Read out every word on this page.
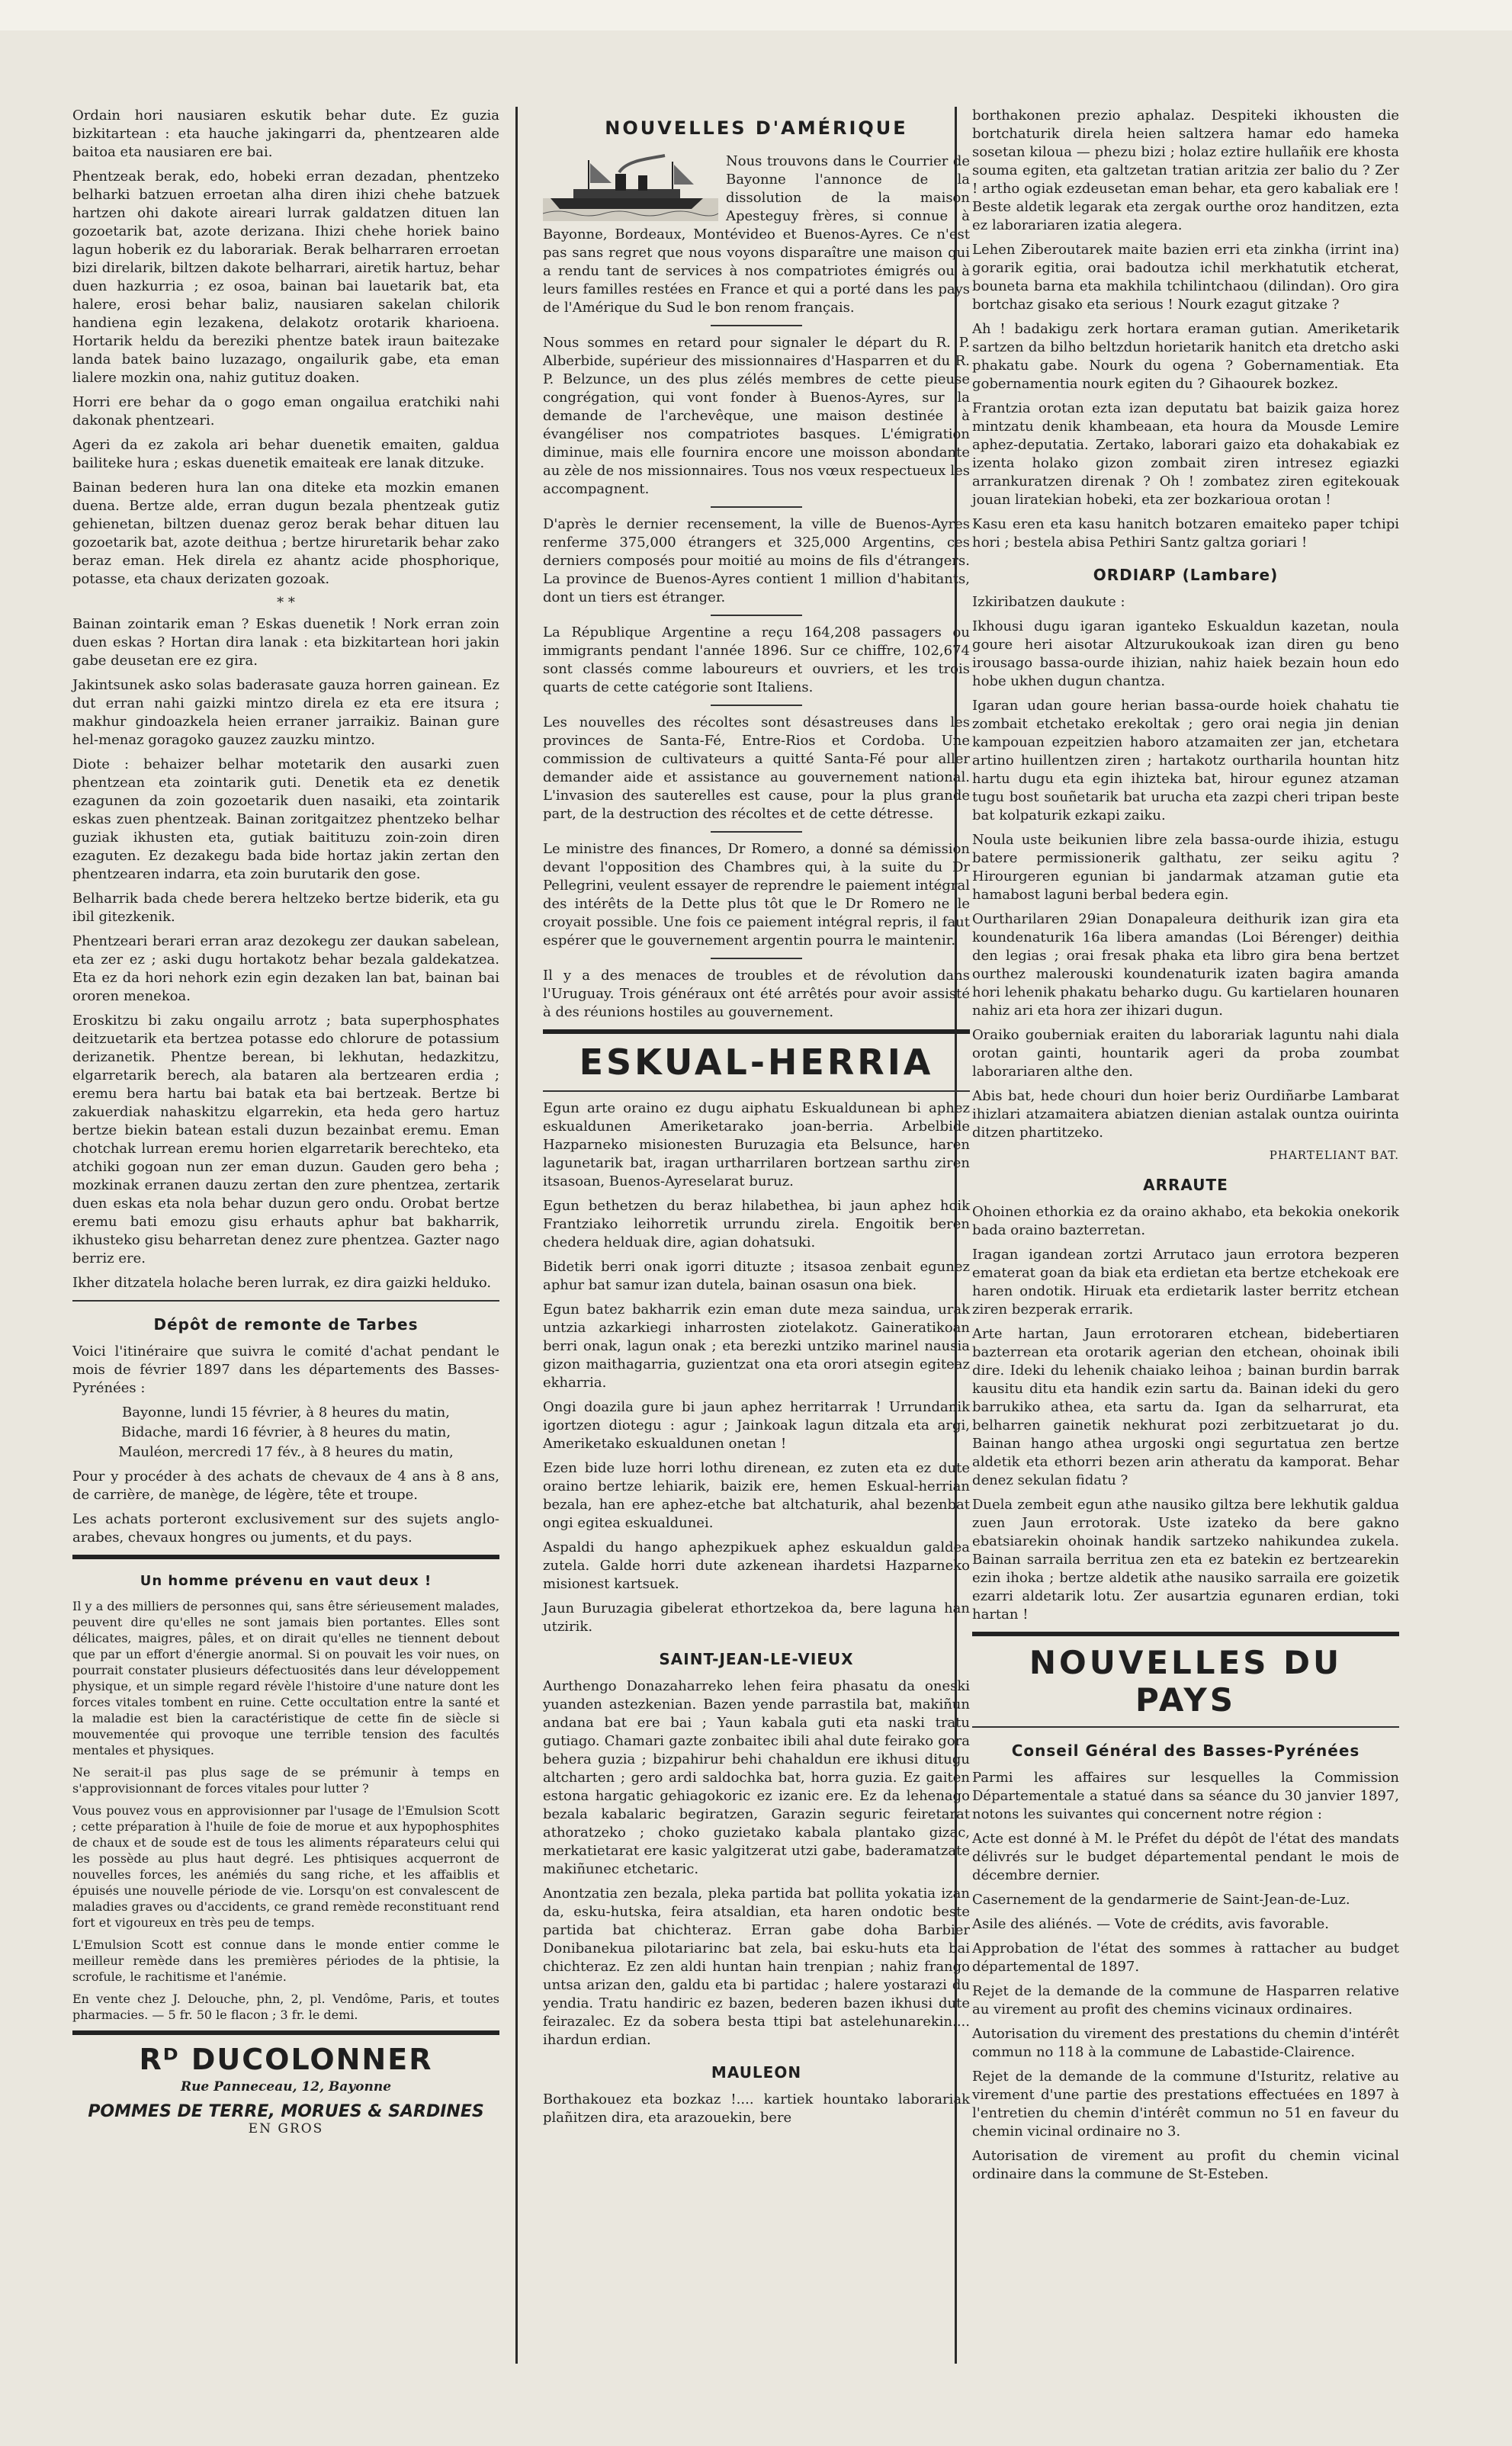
Ordain hori nausiaren eskutik behar dute. Ez guzia bizkitartean : eta hauche jakingarri da, phentzearen alde baitoa eta nausiaren ere bai.

Phentzeak berak, edo, hobeki erran dezadan, phentzeko belharki batzuen erroetan alha diren ihizi chehe batzuek hartzen ohi dakote aireari lurrak galdatzen dituen lan gozoetarik bat, azote derizana. Ihizi chehe horiek baino lagun hoberik ez du laborariak. Berak belharraren erroetan bizi direlarik, biltzen dakote belharrari, airetik hartuz, behar duen hazkurria ; ez osoa, bainan bai lauetarik bat, eta halere, erosi behar baliz, nausiaren sakelan chilorik handiena egin lezakena, delakotz orotarik kharioena. Hortarik heldu da bereziki phentze batek iraun baitezake landa batek baino luzazago, ongailurik gabe, eta eman lialere mozkin ona, nahiz gutituz doaken.

Horri ere behar da o gogo eman ongailua eratchiki nahi dakonak phentzeari.

Ageri da ez zakola ari behar duenetik emaiten, galdua bailiteke hura ; eskas duenetik emaiteak ere lanak ditzuke.

Bainan bederen hura lan ona diteke eta mozkin emanen duena. Bertze alde, erran dugun bezala phentzeak gutiz gehienetan, biltzen duenaz geroz berak behar dituen lau gozoetarik bat, azote deithua ; bertze hiruretarik behar zako beraz eman. Hek direla ez ahantz acide phosphorique, potasse, eta chaux derizaten gozoak.

* *

Bainan zointarik eman ? Eskas duenetik ! Nork erran zoin duen eskas ? Hortan dira lanak : eta bizkitartean hori jakin gabe deusetan ere ez gira.

Jakintsunek asko solas baderasate gauza horren gainean. Ez dut erran nahi gaizki mintzo direla ez eta ere itsura ; makhur gindoazkela heien erraner jarraikiz. Bainan gure hel-menaz goragoko gauzez zauzku mintzo.

Diote : behaizer belhar motetarik den ausarki zuen phentzean eta zointarik guti. Denetik eta ez denetik ezagunen da zoin gozoetarik duen nasaiki, eta zointarik eskas zuen phentzeak. Bainan zoritgaitzez phentzeko belhar guziak ikhusten eta, gutiak baitituzu zoin-zoin diren ezaguten. Ez dezakegu bada bide hortaz jakin zertan den phentzearen indarra, eta zoin burutarik den gose.

Belharrik bada chede berera heltzeko bertze biderik, eta gu ibil gitezkenik.

Phentzeari berari erran araz dezokegu zer daukan sabelean, eta zer ez ; aski dugu hortakotz behar bezala galdekatzea. Eta ez da hori nehork ezin egin dezaken lan bat, bainan bai ororen menekoa.

Eroskitzu bi zaku ongailu arrotz ; bata superphosphates deitzuetarik eta bertzea potasse edo chlorure de potassium derizanetik. Phentze berean, bi lekhutan, hedazkitzu, elgarretarik berech, ala bataren ala bertzearen erdia ; eremu bera hartu bai batak eta bai bertzeak. Bertze bi zakuerdiak nahaskitzu elgarrekin, eta heda gero hartuz bertze biekin batean estali duzun bezainbat eremu. Eman chotchak lurrean eremu horien elgarretarik berechteko, eta atchiki gogoan nun zer eman duzun. Gauden gero beha ; mozkinak erranen dauzu zertan den zure phentzea, zertarik duen eskas eta nola behar duzun gero ondu. Orobat bertze eremu bati emozu gisu erhauts aphur bat bakharrik, ikhusteko gisu beharretan denez zure phentzea. Gazter nago berriz ere.

Ikher ditzatela holache beren lurrak, ez dira gaizki helduko.

Dépôt de remonte de Tarbes

Voici l'itinéraire que suivra le comité d'achat pendant le mois de février 1897 dans les départements des Basses-Pyrénées :

Bayonne, lundi 15 février, à 8 heures du matin,

Bidache, mardi 16 février, à 8 heures du matin,

Mauléon, mercredi 17 fév., à 8 heures du matin,

Pour y procéder à des achats de chevaux de 4 ans à 8 ans, de carrière, de manège, de légère, tête et troupe.

Les achats porteront exclusivement sur des sujets anglo-arabes, chevaux hongres ou juments, et du pays.

Un homme prévenu en vaut deux !

Il y a des milliers de personnes qui, sans être sérieusement malades, peuvent dire qu'elles ne sont jamais bien portantes. Elles sont délicates, maigres, pâles, et on dirait qu'elles ne tiennent debout que par un effort d'énergie anormal. Si on pouvait les voir nues, on pourrait constater plusieurs défectuosités dans leur développement physique, et un simple regard révèle l'histoire d'une nature dont les forces vitales tombent en ruine. Cette occultation entre la santé et la maladie est bien la caractéristique de cette fin de siècle si mouvementée qui provoque une terrible tension des facultés mentales et physiques.

Ne serait-il pas plus sage de se prémunir à temps en s'approvisionnant de forces vitales pour lutter ?

Vous pouvez vous en approvisionner par l'usage de l'Emulsion Scott ; cette préparation à l'huile de foie de morue et aux hypophosphites de chaux et de soude est de tous les aliments réparateurs celui qui les possède au plus haut degré. Les phtisiques acquerront de nouvelles forces, les anémiés du sang riche, et les affaiblis et épuisés une nouvelle période de vie. Lorsqu'on est convalescent de maladies graves ou d'accidents, ce grand remède reconstituant rend fort et vigoureux en très peu de temps.

L'Emulsion Scott est connue dans le monde entier comme le meilleur remède dans les premières périodes de la phtisie, la scrofule, le rachitisme et l'anémie.

En vente chez J. Delouche, phn, 2, pl. Vendôme, Paris, et toutes pharmacies. — 5 fr. 50 le flacon ; 3 fr. le demi.

Rᴰ DUCOLONNER
Rue Panneceau, 12, Bayonne
POMMES DE TERRE, MORUES & SARDINES
EN GROS
NOUVELLES D'AMÉRIQUE

Nous trouvons dans le Courrier de Bayonne l'annonce de la dissolution de la maison Apesteguy frères, si connue à Bayonne, Bordeaux, Montévideo et Buenos-Ayres. Ce n'est pas sans regret que nous voyons disparaître une maison qui a rendu tant de services à nos compatriotes émigrés ou à leurs familles restées en France et qui a porté dans les pays de l'Amérique du Sud le bon renom français.

Nous sommes en retard pour signaler le départ du R. P. Alberbide, supérieur des missionnaires d'Hasparren et du R. P. Belzunce, un des plus zélés membres de cette pieuse congrégation, qui vont fonder à Buenos-Ayres, sur la demande de l'archevêque, une maison destinée à évangéliser nos compatriotes basques. L'émigration diminue, mais elle fournira encore une moisson abondante au zèle de nos missionnaires. Tous nos vœux respectueux les accompagnent.

D'après le dernier recensement, la ville de Buenos-Ayres renferme 375,000 étrangers et 325,000 Argentins, ces derniers composés pour moitié au moins de fils d'étrangers. La province de Buenos-Ayres contient 1 million d'habitants, dont un tiers est étranger.

La République Argentine a reçu 164,208 passagers ou immigrants pendant l'année 1896. Sur ce chiffre, 102,674 sont classés comme laboureurs et ouvriers, et les trois quarts de cette catégorie sont Italiens.

Les nouvelles des récoltes sont désastreuses dans les provinces de Santa-Fé, Entre-Rios et Cordoba. Une commission de cultivateurs a quitté Santa-Fé pour aller demander aide et assistance au gouvernement national. L'invasion des sauterelles est cause, pour la plus grande part, de la destruction des récoltes et de cette détresse.

Le ministre des finances, Dr Romero, a donné sa démission devant l'opposition des Chambres qui, à la suite du Dr Pellegrini, veulent essayer de reprendre le paiement intégral des intérêts de la Dette plus tôt que le Dr Romero ne le croyait possible. Une fois ce paiement intégral repris, il faut espérer que le gouvernement argentin pourra le maintenir.

Il y a des menaces de troubles et de révolution dans l'Uruguay. Trois généraux ont été arrêtés pour avoir assisté à des réunions hostiles au gouvernement.

ESKUAL-HERRIA

Egun arte oraino ez dugu aiphatu Eskualdunean bi aphez eskualdunen Ameriketarako joan-berria. Arbelbide Hazparneko misionesten Buruzagia eta Belsunce, haren lagunetarik bat, iragan urtharrilaren bortzean sarthu ziren itsasoan, Buenos-Ayreselarat buruz.

Egun bethetzen du beraz hilabethea, bi jaun aphez hoik Frantziako leihorretik urrundu zirela. Engoitik beren chedera helduak dire, agian dohatsuki.

Bidetik berri onak igorri dituzte ; itsasoa zenbait egunez aphur bat samur izan dutela, bainan osasun ona biek.

Egun batez bakharrik ezin eman dute meza saindua, urak untzia azkarkiegi inharrosten ziotelakotz. Gaineratikoan berri onak, lagun onak ; eta berezki untziko marinel nausia gizon maithagarria, guzientzat ona eta orori atsegin egiteaz ekharria.

Ongi doazila gure bi jaun aphez herritarrak ! Urrundanik igortzen diotegu : agur ; Jainkoak lagun ditzala eta argi, Ameriketako eskualdunen onetan !

Ezen bide luze horri lothu direnean, ez zuten eta ez dute oraino bertze lehiarik, baizik ere, hemen Eskual-herrian bezala, han ere aphez-etche bat altchaturik, ahal bezenbat ongi egitea eskualdunei.

Aspaldi du hango aphezpikuek aphez eskualdun galdea zutela. Galde horri dute azkenean ihardetsi Hazparneko misionest kartsuek.

Jaun Buruzagia gibelerat ethortzekoa da, bere laguna han utzirik.

SAINT-JEAN-LE-VIEUX

Aurthengo Donazaharreko lehen feira phasatu da oneski yuanden astezkenian. Bazen yende parrastila bat, makiñun andana bat ere bai ; Yaun kabala guti eta naski tratu gutiago. Chamari gazte zonbaitec ibili ahal dute feirako gora behera guzia ; bizpahirur behi chahaldun ere ikhusi ditugu altcharten ; gero ardi saldochka bat, horra guzia. Ez gaiten estona hargatic gehiagokoric ez izanic ere. Ez da lehenago bezala kabalaric begiratzen, Garazin seguric feiretarat athoratzeko ; choko guzietako kabala plantako gizac, merkatietarat ere kasic yalgitzerat utzi gabe, baderamatzate makiñunec etchetaric.

Anontzatia zen bezala, pleka partida bat pollita yokatia izan da, esku-hutska, feira atsaldian, eta haren ondotic beste partida bat chichteraz. Erran gabe doha Barbier Donibanekua pilotariarinc bat zela, bai esku-huts eta bai chichteraz. Ez zen aldi huntan hain trenpian ; nahiz frango untsa arizan den, galdu eta bi partidac ; halere yostarazi du yendia. Tratu handiric ez bazen, bederen bazen ikhusi dute feirazalec. Ez da sobera besta ttipi bat astelehunarekin.... ihardun erdian.

MAULEON

Borthakouez eta bozkaz !.... kartiek hountako laborariak plañitzen dira, eta arazouekin, bere

borthakonen prezio aphalaz. Despiteki ikhousten die bortchaturik direla heien saltzera hamar edo hameka sosetan kiloua — phezu bizi ; holaz eztire hullañik ere khosta souma egiten, eta galtzetan tratian aritzia zer balio du ? Zer ! artho ogiak ezdeusetan eman behar, eta gero kabaliak ere ! Beste aldetik legarak eta zergak ourthe oroz handitzen, ezta ez laborariaren izatia alegera.

Lehen Ziberoutarek maite bazien erri eta zinkha (irrint ina) gorarik egitia, orai badoutza ichil merkhatutik etcherat, bouneta barna eta makhila tchilintchaou (dilindan). Oro gira bortchaz gisako eta serious ! Nourk ezagut gitzake ?

Ah ! badakigu zerk hortara eraman gutian. Ameriketarik sartzen da bilho beltzdun horietarik hanitch eta dretcho aski phakatu gabe. Nourk du ogena ? Gobernamentiak. Eta gobernamentia nourk egiten du ? Gihaourek bozkez.

Frantzia orotan ezta izan deputatu bat baizik gaiza horez mintzatu denik khambeaan, eta houra da Mousde Lemire aphez-deputatia. Zertako, laborari gaizo eta dohakabiak ez izenta holako gizon zombait ziren intresez egiazki arrankuratzen direnak ? Oh ! zombatez ziren egitekouak jouan liratekian hobeki, eta zer bozkarioua orotan !

Kasu eren eta kasu hanitch botzaren emaiteko paper tchipi hori ; bestela abisa Pethiri Santz galtza goriari !

ORDIARP (Lambare)

Izkiribatzen daukute :

Ikhousi dugu igaran iganteko Eskualdun kazetan, noula goure heri aisotar Altzurukoukoak izan diren gu beno irousago bassa-ourde ihizian, nahiz haiek bezain houn edo hobe ukhen dugun chantza.

Igaran udan goure herian bassa-ourde hoiek chahatu tie zombait etchetako erekoltak ; gero orai negia jin denian kampouan ezpeitzien haboro atzamaiten zer jan, etchetara artino huillentzen ziren ; hartakotz ourtharila hountan hitz hartu dugu eta egin ihizteka bat, hirour egunez atzaman tugu bost souñetarik bat urucha eta zazpi cheri tripan beste bat kolpaturik ezkapi zaiku.

Noula uste beikunien libre zela bassa-ourde ihizia, estugu batere permissionerik galthatu, zer seiku agitu ? Hirourgeren egunian bi jandarmak atzaman gutie eta hamabost laguni berbal bedera egin.

Ourtharilaren 29ian Donapaleura deithurik izan gira eta koundenaturik 16a libera amandas (Loi Bérenger) deithia den legias ; orai fresak phaka eta libro gira bena bertzet ourthez malerouski koundenaturik izaten bagira amanda hori lehenik phakatu beharko dugu. Gu kartielaren hounaren nahiz ari eta hora zer ihizari dugun.

Oraiko gouberniak eraiten du laborariak laguntu nahi diala orotan gainti, hountarik ageri da proba zoumbat laborariaren althe den.

Abis bat, hede chouri dun hoier beriz Ourdiñarbe Lambarat ihizlari atzamaitera abiatzen dienian astalak ountza ouirinta ditzen phartitzeko.

PHARTELIANT BAT.
ARRAUTE

Ohoinen ethorkia ez da oraino akhabo, eta bekokia onekorik bada oraino bazterretan.

Iragan igandean zortzi Arrutaco jaun errotora bezperen ematerat goan da biak eta erdietan eta bertze etchekoak ere haren ondotik. Hiruak eta erdietarik laster berritz etchean ziren bezperak errarik.

Arte hartan, Jaun errotoraren etchean, bidebertiaren bazterrean eta orotarik agerian den etchean, ohoinak ibili dire. Ideki du lehenik chaiako leihoa ; bainan burdin barrak kausitu ditu eta handik ezin sartu da. Bainan ideki du gero barrukiko athea, eta sartu da. Igan da selharrurat, eta belharren gainetik nekhurat pozi zerbitzuetarat jo du. Bainan hango athea urgoski ongi segurtatua zen bertze aldetik eta ethorri bezen arin atheratu da kamporat. Behar denez sekulan fidatu ?

Duela zembeit egun athe nausiko giltza bere lekhutik galdua zuen Jaun errotorak. Uste izateko da bere gakno ebatsiarekin ohoinak handik sartzeko nahikundea zukela. Bainan sarraila berritua zen eta ez batekin ez bertzearekin ezin ihoka ; bertze aldetik athe nausiko sarraila ere goizetik ezarri aldetarik lotu. Zer ausartzia egunaren erdian, toki hartan !

NOUVELLES DU PAYS
Conseil Général des Basses-Pyrénées

Parmi les affaires sur lesquelles la Commission Départementale a statué dans sa séance du 30 janvier 1897, notons les suivantes qui concernent notre région :

Acte est donné à M. le Préfet du dépôt de l'état des mandats délivrés sur le budget départemental pendant le mois de décembre dernier.

Casernement de la gendarmerie de Saint-Jean-de-Luz.

Asile des aliénés. — Vote de crédits, avis favorable.

Approbation de l'état des sommes à rattacher au budget départemental de 1897.

Rejet de la demande de la commune de Hasparren relative au virement au profit des chemins vicinaux ordinaires.

Autorisation du virement des prestations du chemin d'intérêt commun no 118 à la commune de Labastide-Clairence.

Rejet de la demande de la commune d'Isturitz, relative au virement d'une partie des prestations effectuées en 1897 à l'entretien du chemin d'intérêt commun no 51 en faveur du chemin vicinal ordinaire no 3.

Autorisation de virement au profit du chemin vicinal ordinaire dans la commune de St-Esteben.
